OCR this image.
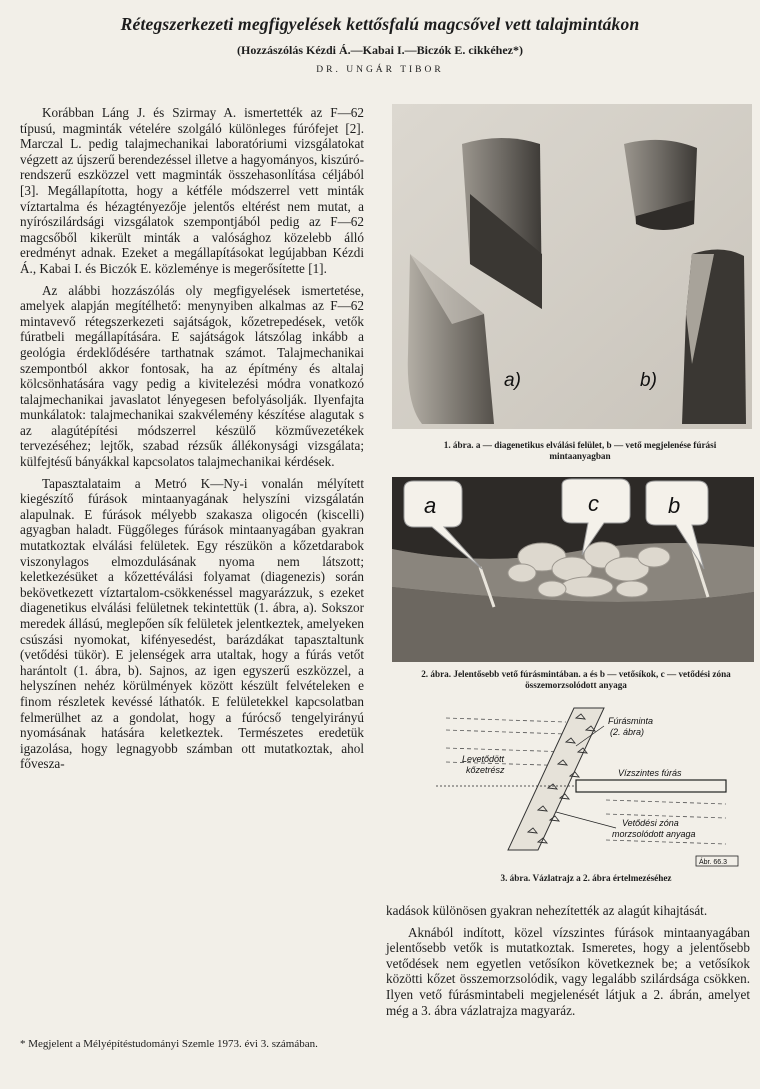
Rétegszerkezeti megfigyelések kettősfalú magcsővel vett talajmintákon
(Hozzászólás Kézdi Á.—Kabai I.—Biczók E. cikkéhez*)
DR. UNGÁR TIBOR

Korábban Láng J. és Szirmay A. ismertették az F—62 típusú, magminták vételére szolgáló különleges fúrófejet [2]. Marczal L. pedig talajmechanikai laboratóriumi vizsgálatokat végzett az újszerű berendezéssel illetve a hagyományos, kiszúró-rendszerű eszközzel vett magminták összehasonlítása céljából [3]. Megállapította, hogy a kétféle módszerrel vett minták víztartalma és hézagtényezője jelentős eltérést nem mutat, a nyírószilárdsági vizsgálatok szempontjából pedig az F—62 magcsőből kikerült minták a valósághoz közelebb álló eredményt adnak. Ezeket a megállapításokat legújabban Kézdi Á., Kabai I. és Biczók E. közleménye is megerősítette [1].

Az alábbi hozzászólás oly megfigyelések ismertetése, amelyek alapján megítélhető: menynyiben alkalmas az F—62 mintavevő rétegszerkezeti sajátságok, kőzetrepedések, vetők fúratbeli megállapítására. E sajátságok látszólag inkább a geológia érdeklődésére tarthatnak számot. Talajmechanikai szempontból akkor fontosak, ha az építmény és altalaj kölcsönhatására vagy pedig a kivitelezési módra vonatkozó talajmechanikai javaslatot lényegesen befolyásolják. Ilyenfajta munkálatok: talajmechanikai szakvélemény készítése alagutak s az alagútépítési módszerrel készülő közművezetékek tervezéséhez; lejtők, szabad rézsűk állékonysági vizsgálata; külfejtésű bányákkal kapcsolatos talajmechanikai kérdések.

Tapasztalataim a Metró K—Ny-i vonalán mélyített kiegészítő fúrások mintaanyagának helyszíni vizsgálatán alapulnak. E fúrások mélyebb szakasza oligocén (kiscelli) agyagban haladt. Függőleges fúrások mintaanyagában gyakran mutatkoztak elválási felületek. Egy részükön a kőzetdarabok viszonylagos elmozdulásának nyoma nem látszott; keletkezésüket a kőzettéválási folyamat (diagenezis) során bekövetkezett víztartalom-csökkenéssel magyarázzuk, s ezeket diagenetikus elválási felületnek tekintettük (1. ábra, a). Sokszor meredek állású, meglepően sík felületek jelentkeztek, amelyeken csúszási nyomokat, kifényesedést, barázdákat tapasztaltunk (vetődési tükör). E jelenségek arra utaltak, hogy a fúrás vetőt harántolt (1. ábra, b). Sajnos, az igen egyszerű eszközzel, a helyszínen nehéz körülmények között készült felvételeken e finom részletek kevéssé láthatók. E felületekkel kapcsolatban felmerülhet az a gondolat, hogy a fúrócső tengelyirányú nyomásának hatására keletkeztek. Természetes eredetük igazolása, hogy legnagyobb számban ott mutatkoztak, ahol fővesza-

* Megjelent a Mélyépítéstudományi Szemle 1973. évi 3. számában.
a)	b)
1. ábra. a — diagenetikus elválási felület, b — vető megjelenése fúrási mintaanyagban
a	c	b
2. ábra. Jelentősebb vető fúrásmintában. a és b — vetősíkok, c — vetődési zóna összemorzsolódott anyaga
Fúrásminta
(2. ábra)
Levetődött
kőzetrész	Vízszintes fúrás
Vetődési zóna
morzsolódott anyaga
Ábr. 66.3
3. ábra. Vázlatrajz a 2. ábra értelmezéséhez

kadások különösen gyakran nehezítették az alagút kihajtását.

Aknából indított, közel vízszintes fúrások mintaanyagában jelentősebb vetők is mutatkoztak. Ismeretes, hogy a jelentősebb vetődések nem egyetlen vetősíkon következnek be; a vetősíkok közötti kőzet összemorzsolódik, vagy legalább szilárdsága csökken. Ilyen vető fúrásmintabeli megjelenését látjuk a 2. ábrán, amelyet még a 3. ábra vázlatrajza magyaráz.
